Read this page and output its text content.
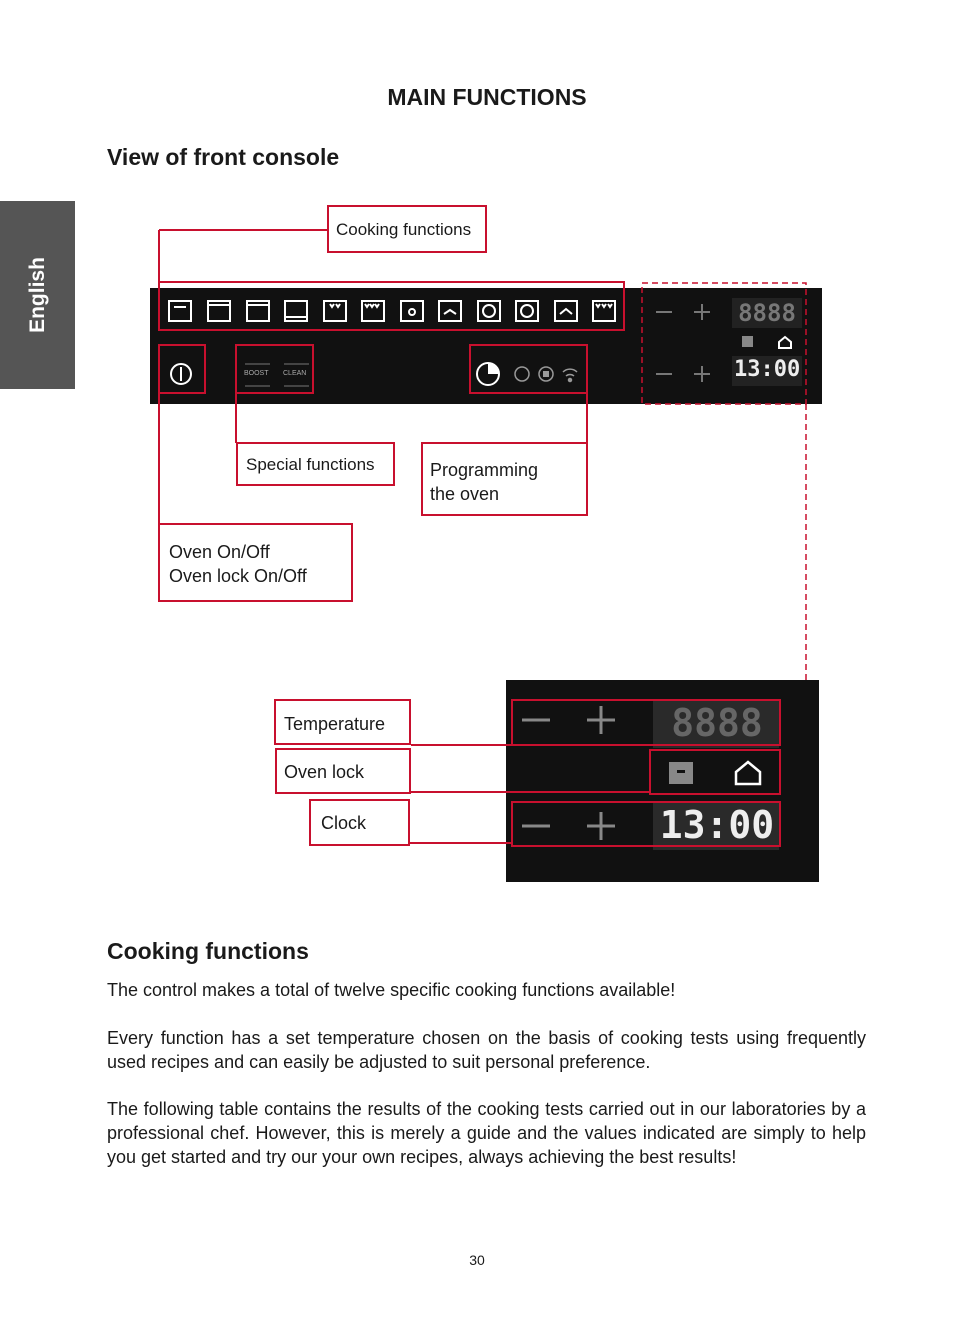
English
MAIN FUNCTIONS
View of front console
BOOST CLEAN
8888
13:00
8888
13:00
Cooking functions
Special functions	Programming
the oven
Oven On/Off
Oven lock On/Off
Temperature
Oven lock
Clock
Cooking functions

The control makes a total of twelve specific cooking functions available!

Every function has a set temperature chosen on the basis of cooking tests using frequently used recipes and can easily be adjusted to suit personal preference.

The following table contains the results of the cooking tests carried out in our laboratories by a professional chef. However, this is merely a guide and the values indicated are simply to help you get started and try our your own recipes, always achieving the best results!

30
